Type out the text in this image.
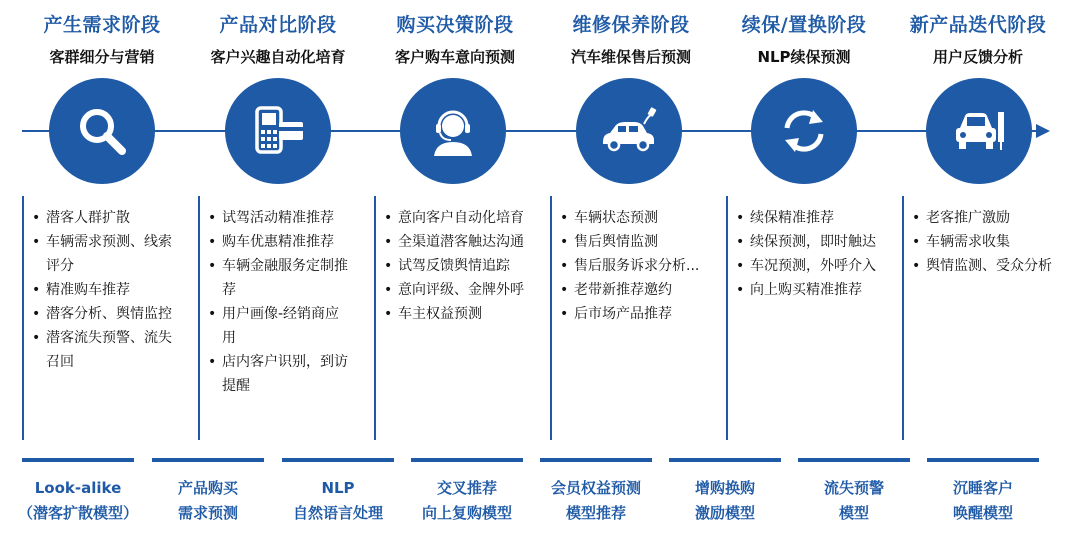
产生需求阶段
客群细分与营销
产品对比阶段
客户兴趣自动化培育
购买决策阶段
客户购车意向预测
维修保养阶段
汽车维保售后预测
续保/置换阶段
NLP续保预测
新产品迭代阶段
用户反馈分析
• 潜客人群扩散
• 车辆需求预测、线索评分
• 精准购车推荐
• 潜客分析、舆情监控
• 潜客流失预警、流失召回
• 试驾活动精准推荐
• 购车优惠精准推荐
• 车辆金融服务定制推荐
• 用户画像-经销商应用
• 店内客户识别，到访提醒
• 意向客户自动化培育
• 全渠道潜客触达沟通
• 试驾反馈舆情追踪
• 意向评级、金牌外呼
• 车主权益预测
• 车辆状态预测
• 售后舆情监测
• 售后服务诉求分析...
• 老带新推荐邀约
• 后市场产品推荐
• 续保精准推荐
• 续保预测，即时触达
• 车况预测，外呼介入
• 向上购买精准推荐
• 老客推广激励
• 车辆需求收集
• 舆情监测、受众分析
Look-alike
（潜客扩散模型）
产品购买
需求预测
NLP
自然语言处理
交叉推荐
向上复购模型
会员权益预测
模型推荐
增购换购
激励模型
流失预警
模型
沉睡客户
唤醒模型
